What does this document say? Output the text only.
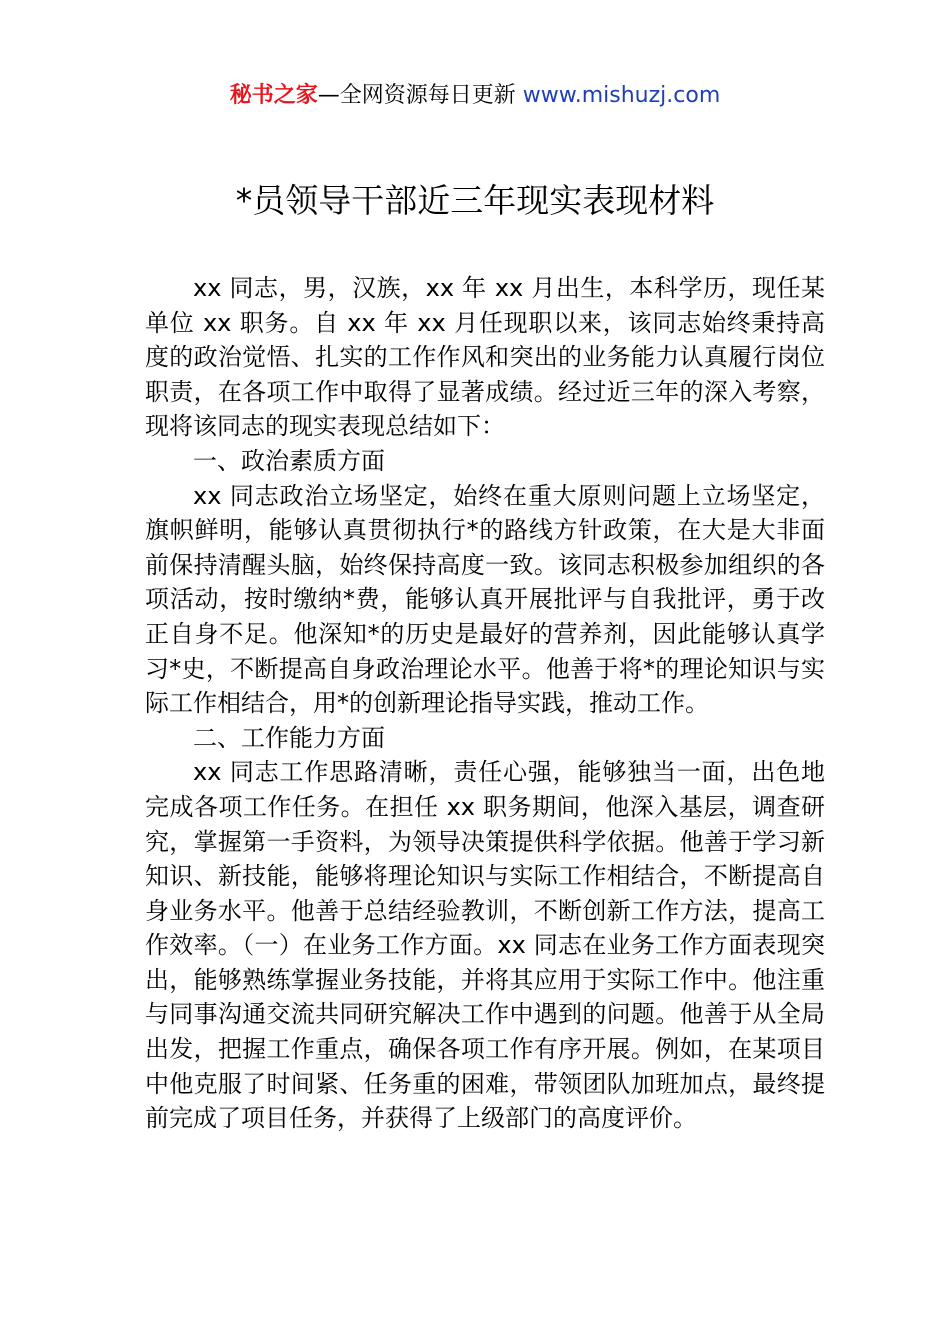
秘书之家—全网资源每日更新 www.mishuzj.com
*员领导干部近三年现实表现材料

xx 同志，男，汉族，xx 年 xx 月出生，本科学历，现任某单位 xx 职务。自 xx 年 xx 月任现职以来，该同志始终秉持高度的政治觉悟、扎实的工作作风和突出的业务能力认真履行岗位职责，在各项工作中取得了显著成绩。经过近三年的深入考察，现将该同志的现实表现总结如下：

一、政治素质方面

xx 同志政治立场坚定，始终在重大原则问题上立场坚定，旗帜鲜明，能够认真贯彻执行*的路线方针政策，在大是大非面前保持清醒头脑，始终保持高度一致。该同志积极参加组织的各项活动，按时缴纳*费，能够认真开展批评与自我批评，勇于改正自身不足。他深知*的历史是最好的营养剂，因此能够认真学习*史，不断提高自身政治理论水平。他善于将*的理论知识与实际工作相结合，用*的创新理论指导实践，推动工作。

二、工作能力方面

xx 同志工作思路清晰，责任心强，能够独当一面，出色地完成各项工作任务。在担任 xx 职务期间，他深入基层，调查研究，掌握第一手资料，为领导决策提供科学依据。他善于学习新知识、新技能，能够将理论知识与实际工作相结合，不断提高自身业务水平。他善于总结经验教训，不断创新工作方法，提高工作效率。（一）在业务工作方面。xx 同志在业务工作方面表现突出，能够熟练掌握业务技能，并将其应用于实际工作中。他注重与同事沟通交流共同研究解决工作中遇到的问题。他善于从全局出发，把握工作重点，确保各项工作有序开展。例如，在某项目中他克服了时间紧、任务重的困难，带领团队加班加点，最终提前完成了项目任务，并获得了上级部门的高度评价。
